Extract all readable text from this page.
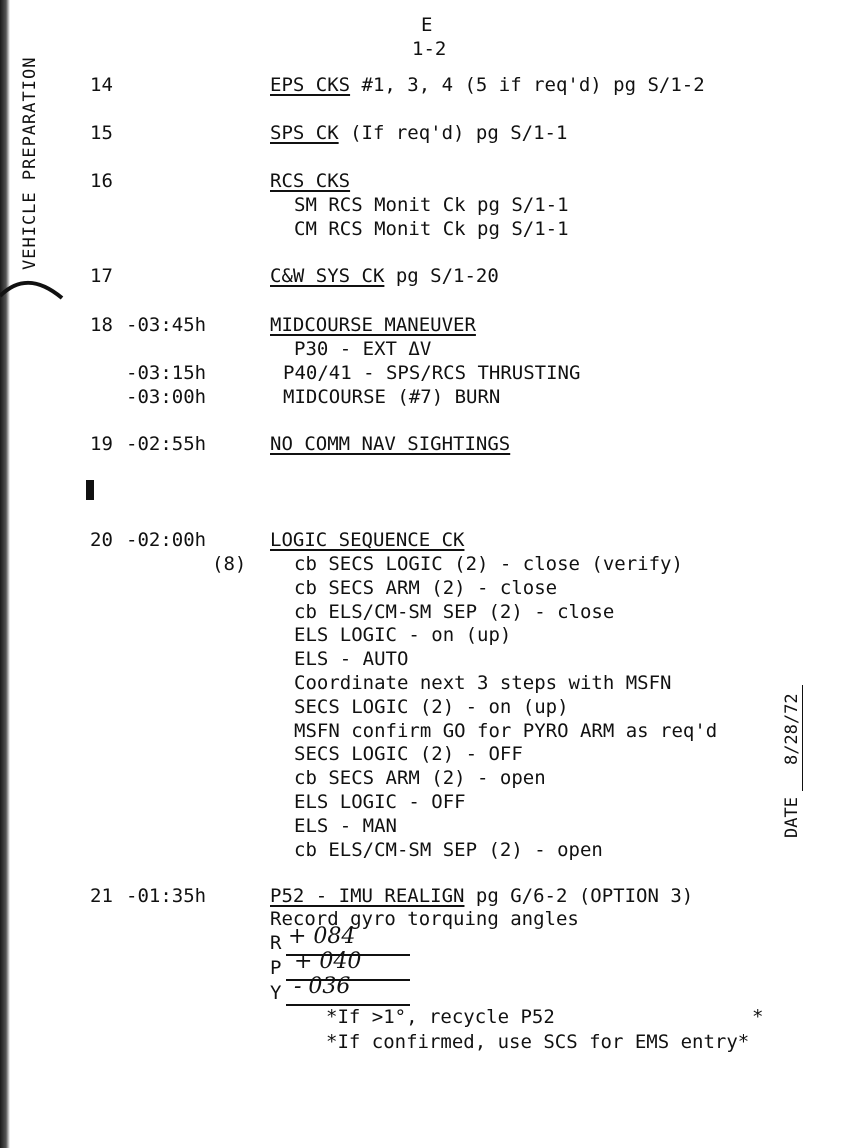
VEHICLE PREPARATION
E
1-2
14	EPS CKS #1, 3, 4 (5 if req'd) pg S/1-2
15	SPS CK (If req'd) pg S/1-1
16	RCS CKS
SM RCS Monit Ck pg S/1-1
CM RCS Monit Ck pg S/1-1
17	C&W SYS CK pg S/1-20
18 -03:45h	MIDCOURSE MANEUVER
P30 - EXT ΔV
-03:15h	P40/41 - SPS/RCS THRUSTING
-03:00h	MIDCOURSE (#7) BURN
19 -02:55h	NO COMM NAV SIGHTINGS
20 -02:00h	LOGIC SEQUENCE CK
(8)	cb SECS LOGIC (2) - close (verify)
cb SECS ARM (2) - close
cb ELS/CM-SM SEP (2) - close
ELS LOGIC - on (up)
ELS - AUTO
Coordinate next 3 steps with MSFN
SECS LOGIC (2) - on (up)
MSFN confirm GO for PYRO ARM as req'd
SECS LOGIC (2) - OFF
cb SECS ARM (2) - open
ELS LOGIC - OFF
ELS - MAN
cb ELS/CM-SM SEP (2) - open
DATE8/28/72
21 -01:35h	P52 - IMU REALIGN pg G/6-2 (OPTION 3)
Record gyro torquing angles
R + 084
P + 040
Y - 036
*If >1°, recycle P52	*
*If confirmed, use SCS for EMS entry*
